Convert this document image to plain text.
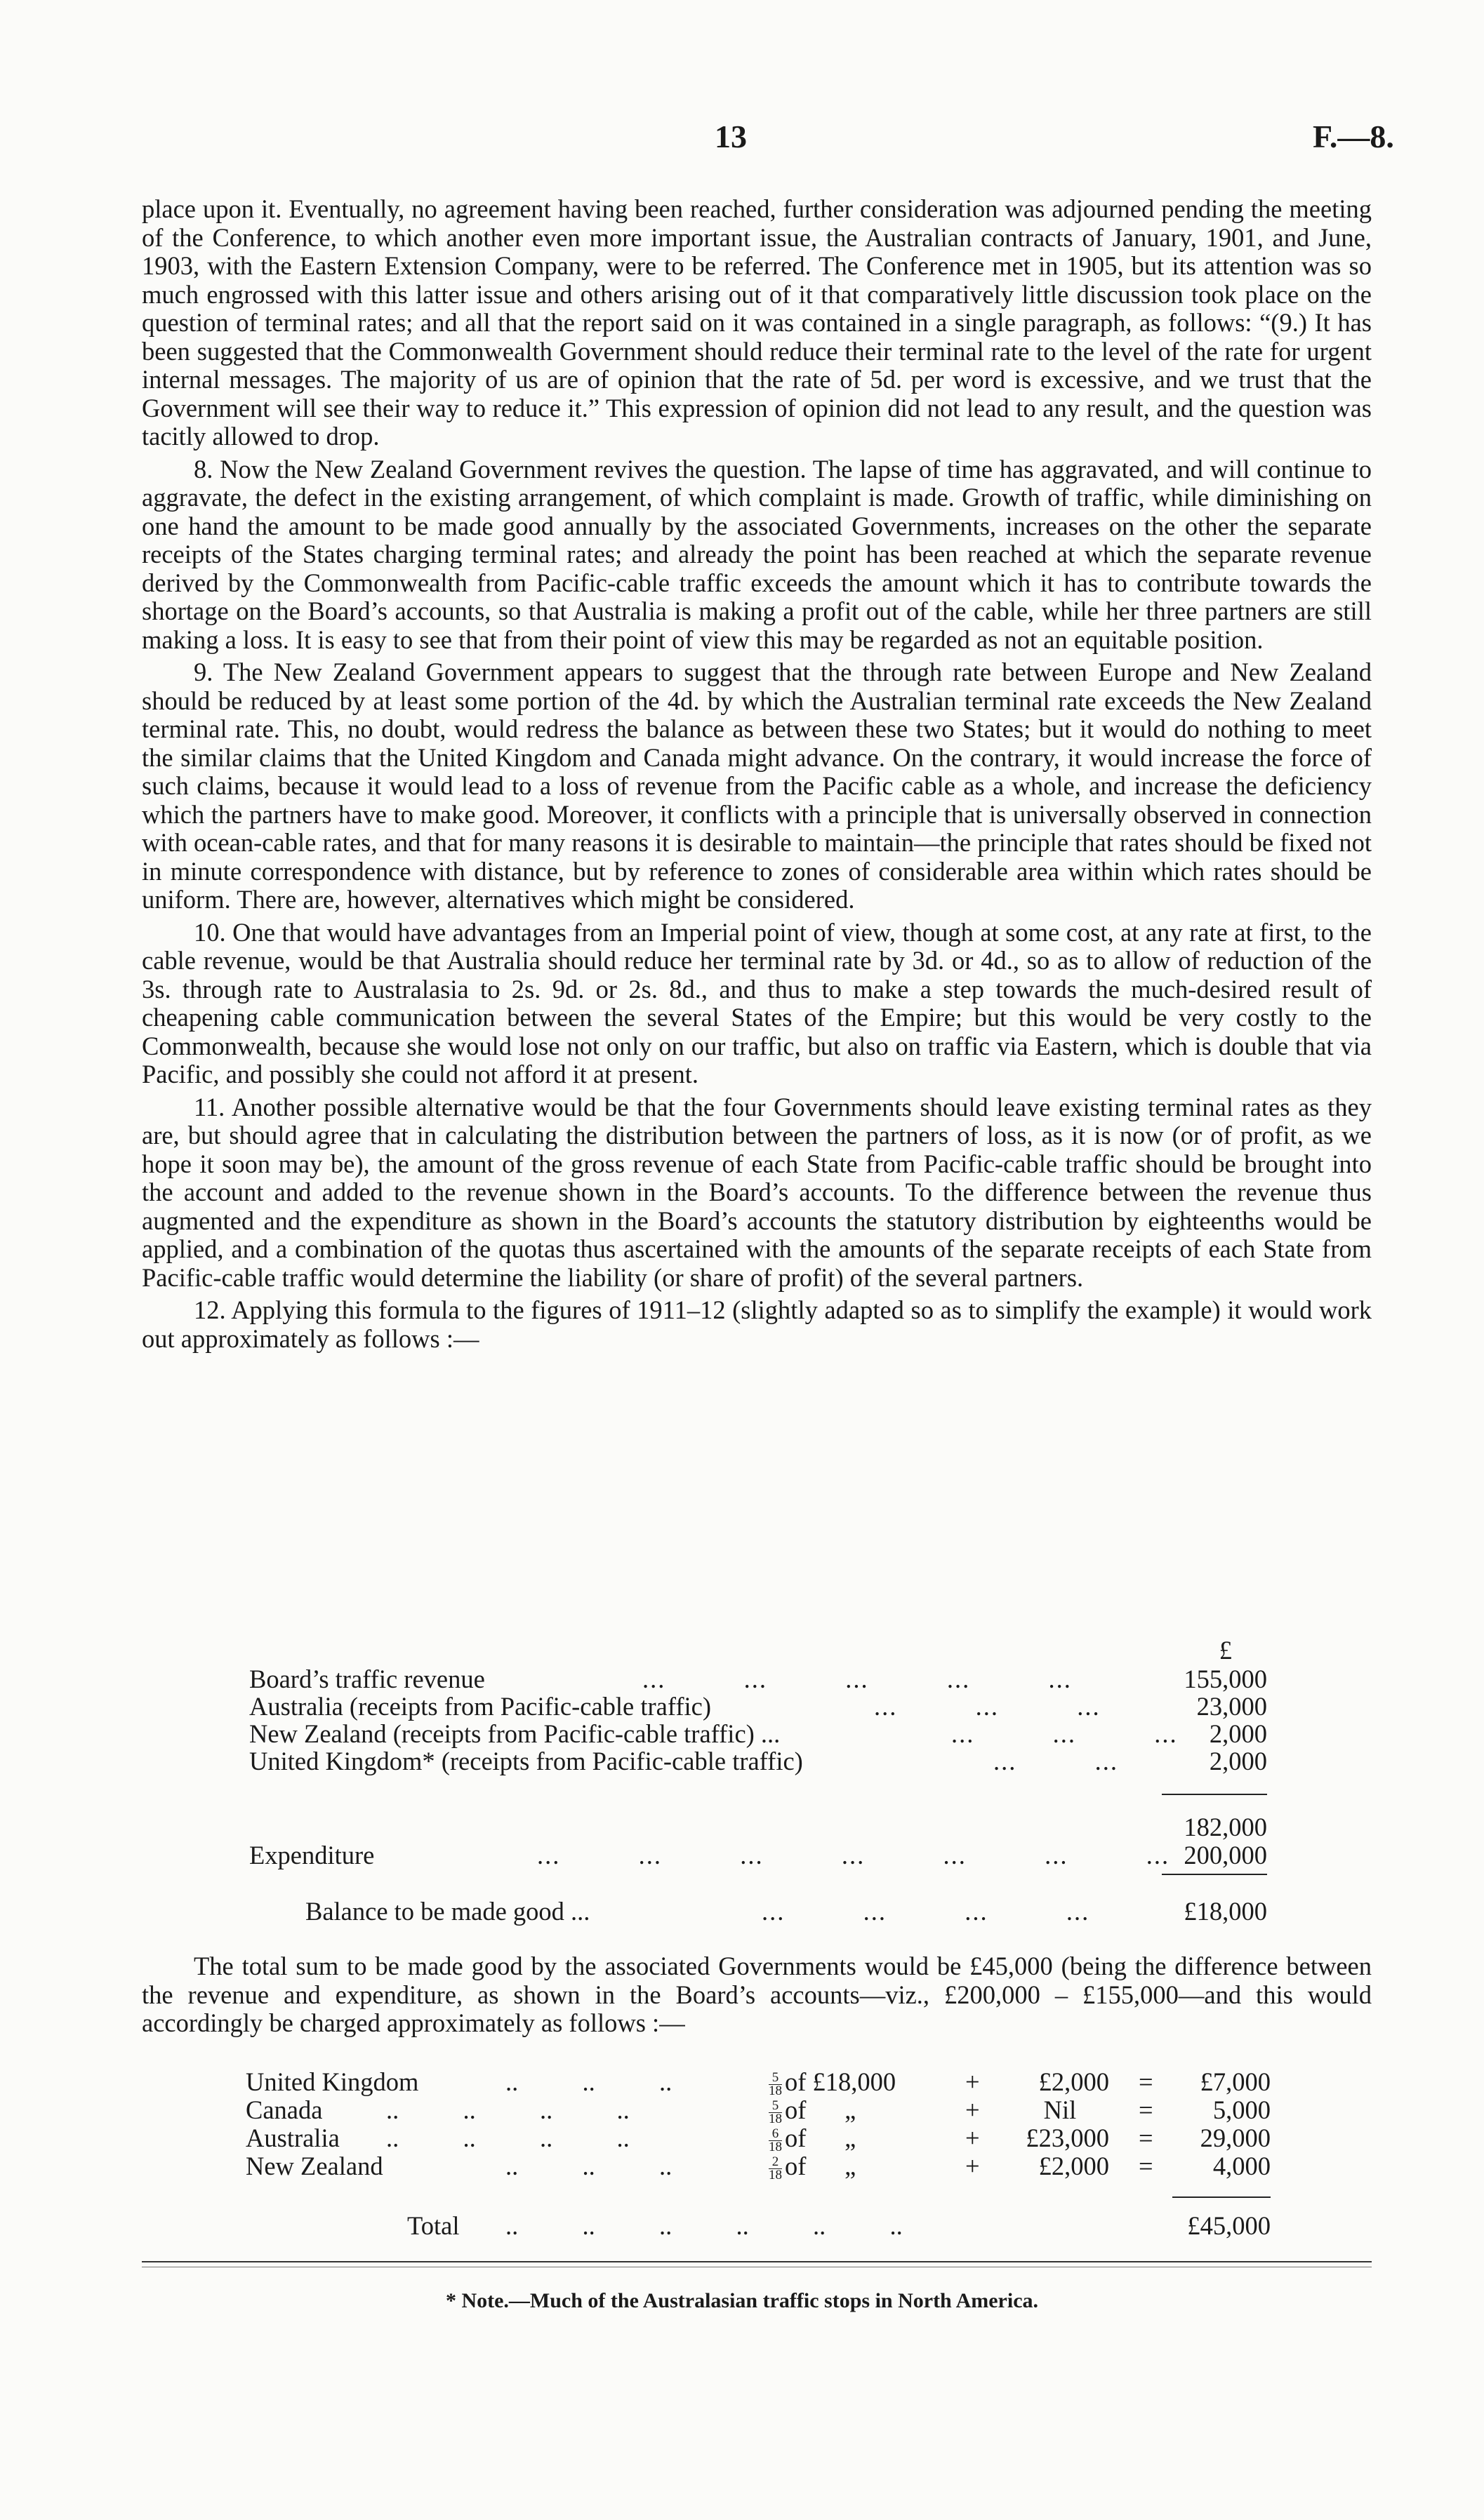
13	F.—8.

place upon it. Eventually, no agreement having been reached, further consideration was adjourned pending the meeting of the Conference, to which another even more important issue, the Australian contracts of January, 1901, and June, 1903, with the Eastern Extension Company, were to be referred. The Conference met in 1905, but its attention was so much engrossed with this latter issue and others arising out of it that comparatively little discussion took place on the question of terminal rates; and all that the report said on it was contained in a single paragraph, as follows: “(9.) It has been suggested that the Commonwealth Government should reduce their terminal rate to the level of the rate for urgent internal messages. The majority of us are of opinion that the rate of 5d. per word is excessive, and we trust that the Government will see their way to reduce it.” This expression of opinion did not lead to any result, and the question was tacitly allowed to drop.

8. Now the New Zealand Government revives the question. The lapse of time has aggravated, and will continue to aggravate, the defect in the existing arrangement, of which complaint is made. Growth of traffic, while diminishing on one hand the amount to be made good annually by the associated Governments, increases on the other the separate receipts of the States charging terminal rates; and already the point has been reached at which the separate revenue derived by the Commonwealth from Pacific-cable traffic exceeds the amount which it has to contribute towards the shortage on the Board’s accounts, so that Australia is making a profit out of the cable, while her three partners are still making a loss. It is easy to see that from their point of view this may be regarded as not an equitable position.

9. The New Zealand Government appears to suggest that the through rate between Europe and New Zealand should be reduced by at least some portion of the 4d. by which the Australian terminal rate exceeds the New Zealand terminal rate. This, no doubt, would redress the balance as between these two States; but it would do nothing to meet the similar claims that the United Kingdom and Canada might advance. On the contrary, it would increase the force of such claims, because it would lead to a loss of revenue from the Pacific cable as a whole, and increase the deficiency which the partners have to make good. Moreover, it conflicts with a principle that is universally observed in connection with ocean-cable rates, and that for many reasons it is desirable to maintain—the principle that rates should be fixed not in minute correspondence with distance, but by reference to zones of considerable area within which rates should be uniform. There are, however, alternatives which might be considered.

10. One that would have advantages from an Imperial point of view, though at some cost, at any rate at first, to the cable revenue, would be that Australia should reduce her terminal rate by 3d. or 4d., so as to allow of reduction of the 3s. through rate to Australasia to 2s. 9d. or 2s. 8d., and thus to make a step towards the much-desired result of cheapening cable communication between the several States of the Empire; but this would be very costly to the Commonwealth, because she would lose not only on our traffic, but also on traffic via Eastern, which is double that via Pacific, and possibly she could not afford it at present.

11. Another possible alternative would be that the four Governments should leave existing terminal rates as they are, but should agree that in calculating the distribution between the partners of loss, as it is now (or of profit, as we hope it soon may be), the amount of the gross revenue of each State from Pacific-cable traffic should be brought into the account and added to the revenue shown in the Board’s accounts. To the difference between the revenue thus augmented and the expenditure as shown in the Board’s accounts the statutory distribution by eighteenths would be applied, and a combination of the quotas thus ascertained with the amounts of the separate receipts of each State from Pacific-cable traffic would determine the liability (or share of profit) of the several partners.

12. Applying this formula to the figures of 1911–12 (slightly adapted so as to simplify the example) it would work out approximately as follows :—

£
Board’s traffic revenue	...          ...          ...          ...          ...	155,000
Australia (receipts from Pacific-cable traffic)	...          ...          ...	23,000
New Zealand (receipts from Pacific-cable traffic) ...	...          ...          ...	2,000
United Kingdom* (receipts from Pacific-cable traffic)	...          ...	2,000
182,000
Expenditure	...          ...          ...          ...          ...          ...          ... 200,000
Balance to be made good ...	...          ...          ...          ...	£18,000

The total sum to be made good by the associated Governments would be £45,000 (being the difference between the revenue and expenditure, as shown in the Board’s accounts—viz., £200,000 – £155,000—and this would accordingly be charged approximately as follows :—

United Kingdom	..          ..          ..	$\frac{5}{18}$ of £18,000	+	£2,000 =	£7,000
Canada ..          ..          ..          ..	$\frac{5}{18}$ of      „	+	Nil	=	5,000
Australia ..          ..          ..          ..	$\frac{6}{18}$ of      „	+	£23,000 =	29,000
New Zealand	..          ..          ..	$\frac{2}{18}$ of      „	+	£2,000 =	4,000
Total ..          ..          ..          ..          ..          ..	£45,000
* Note.—Much of the Australasian traffic stops in North America.
